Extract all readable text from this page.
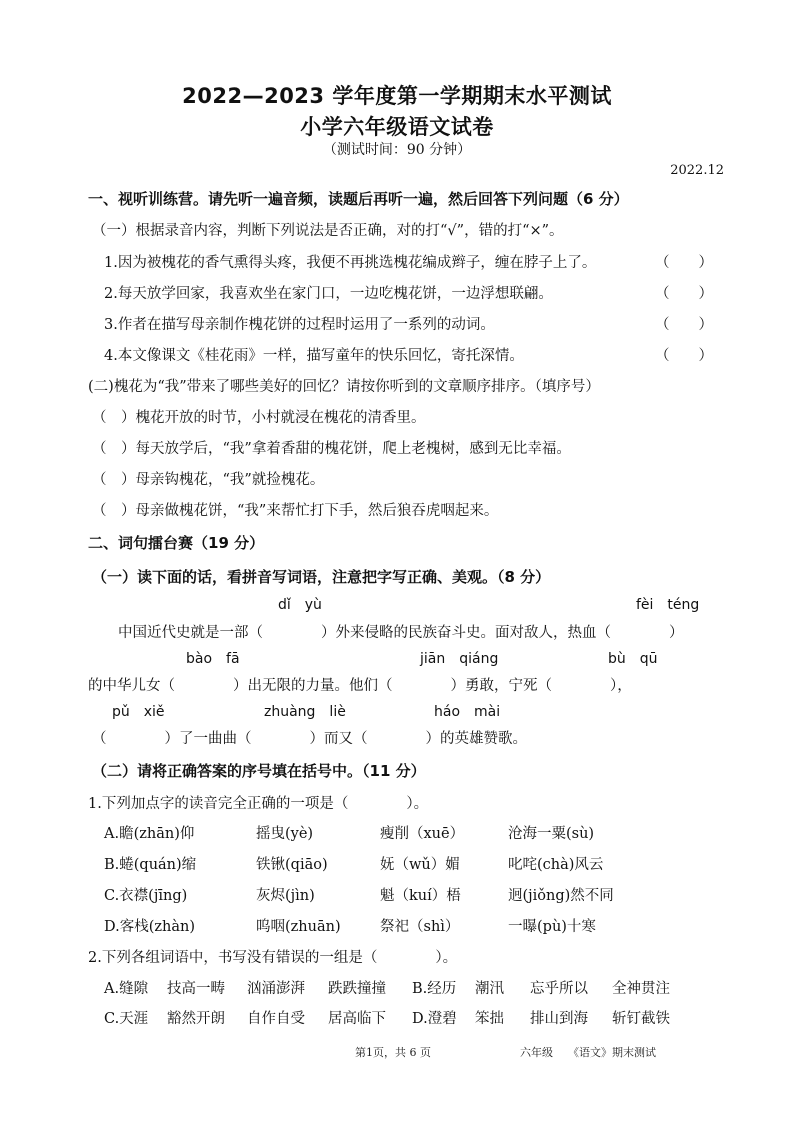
2022—2023 学年度第一学期期末水平测试
小学六年级语文试卷
（测试时间：90 分钟）
2022.12
一、视听训练营。请先听一遍音频，读题后再听一遍，然后回答下列问题（6 分）
（一）根据录音内容，判断下列说法是否正确，对的打“√”，错的打“×”。
1.因为被槐花的香气熏得头疼，我便不再挑选槐花编成辫子，缠在脖子上了。	（　　）
2.每天放学回家，我喜欢坐在家门口，一边吃槐花饼，一边浮想联翩。	（　　）
3.作者在描写母亲制作槐花饼的过程时运用了一系列的动词。	（　　）
4.本文像课文《桂花雨》一样，描写童年的快乐回忆，寄托深情。	（　　）
(二)槐花为“我”带来了哪些美好的回忆？请按你听到的文章顺序排序。（填序号）
（　）槐花开放的时节，小村就浸在槐花的清香里。
（　）每天放学后，“我”拿着香甜的槐花饼，爬上老槐树，感到无比幸福。
（　）母亲钩槐花，“我”就捡槐花。
（　）母亲做槐花饼，“我”来帮忙打下手，然后狼吞虎咽起来。
二、词句擂台赛（19 分）
（一）读下面的话，看拼音写词语，注意把字写正确、美观。（8 分）
dǐ　yù	fèi　téng
中国近代史就是一部（　　　　）外来侵略的民族奋斗史。面对敌人，热血（　　　　）
bào　fā	jiān　qiáng	bù　qū
的中华儿女（　　　　）出无限的力量。他们（　　　　）勇敢，宁死（　　　　），
pǔ　xiě	zhuàng　liè	háo　mài
（　　　　）了一曲曲（　　　　）而又（　　　　）的英雄赞歌。
（二）请将正确答案的序号填在括号中。（11 分）
1.下列加点字的读音完全正确的一项是（　　　　）。
A.瞻(zhān)仰	摇曳(yè)	瘦削（xuē）	沧海一粟(sù)
B.蜷(quán)缩	铁锹(qiāo)	妩（wǔ）媚	叱咤(chà)风云
C.衣襟(jīng)	灰烬(jìn)	魁（kuí）梧	迥(jiǒng)然不同
D.客栈(zhàn)	呜咽(zhuān)	祭祀（shì）	一曝(pù)十寒
2.下列各组词语中，书写没有错误的一组是（　　　　）。
A.缝隙 技高一畴 汹涌澎湃 跌跌撞撞 B.经历 潮汛 忘乎所以 全神贯注
C.天涯 豁然开朗 自作自受 居高临下 D.澄碧 笨拙 排山到海 斩钉截铁
第1页，共 6 页	六年级 《语文》期末测试
